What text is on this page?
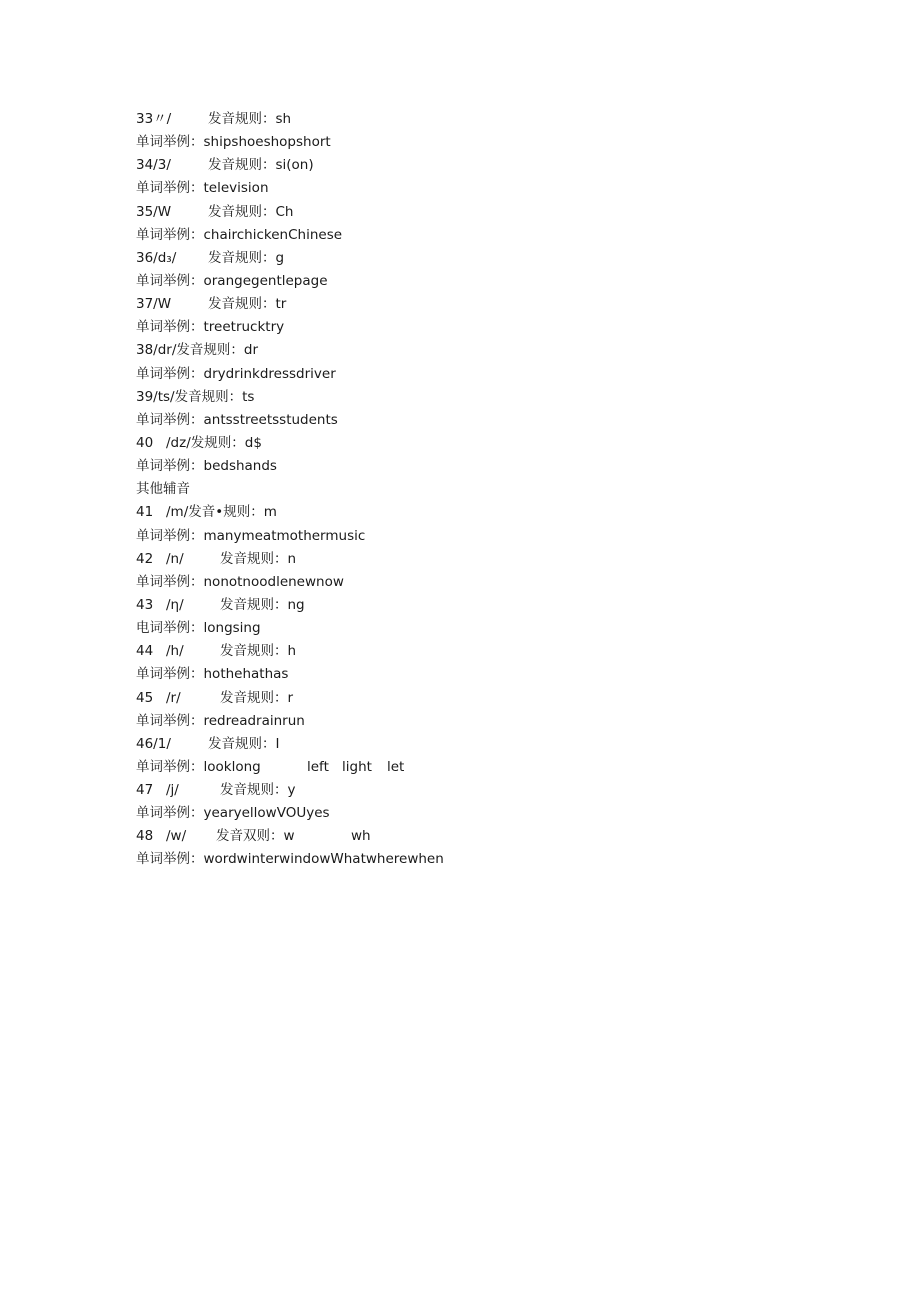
33〃/	发音规则：sh
单词举例：shipshoeshopshort
34/3/	发音规则：si(on)
单词举例：television
35/W	发音规则：Ch
单词举例：chairchickenChinese
36∕d₃∕ 发音规则：g
单词举例：orangegentlepage
37/W	发音规则：tr
单词举例：treetrucktry
38∕dr∕发音规则：dr
单词举例：drydrinkdressdriver
39∕ts∕发音规则：ts
单词举例：antsstreetsstudents
40 ∕dz∕发规则：d$
单词举例：bedshands
其他辅音
41 ∕m∕发音•规则：m
单词举例：manymeatmothermusic
42 ∕n∕	发音规则：n
单词举例：nonotnoodlenewnow
43 ∕η∕	发音规则：ng
电词举例：longsing
44 ∕h∕	发音规则：h
单词举例：hothehathas
45 ∕r∕	发音规则：r
单词举例：redreadrainrun
46/1/	发音规则：I
单词举例：looklong	left light let
47 ∕j∕	发音规则：y
单词举例：yearyellowVOUyes
48 ∕w∕ 发音双则：w	wh
单词举例：wordwinterwindowWhatwherewhen
